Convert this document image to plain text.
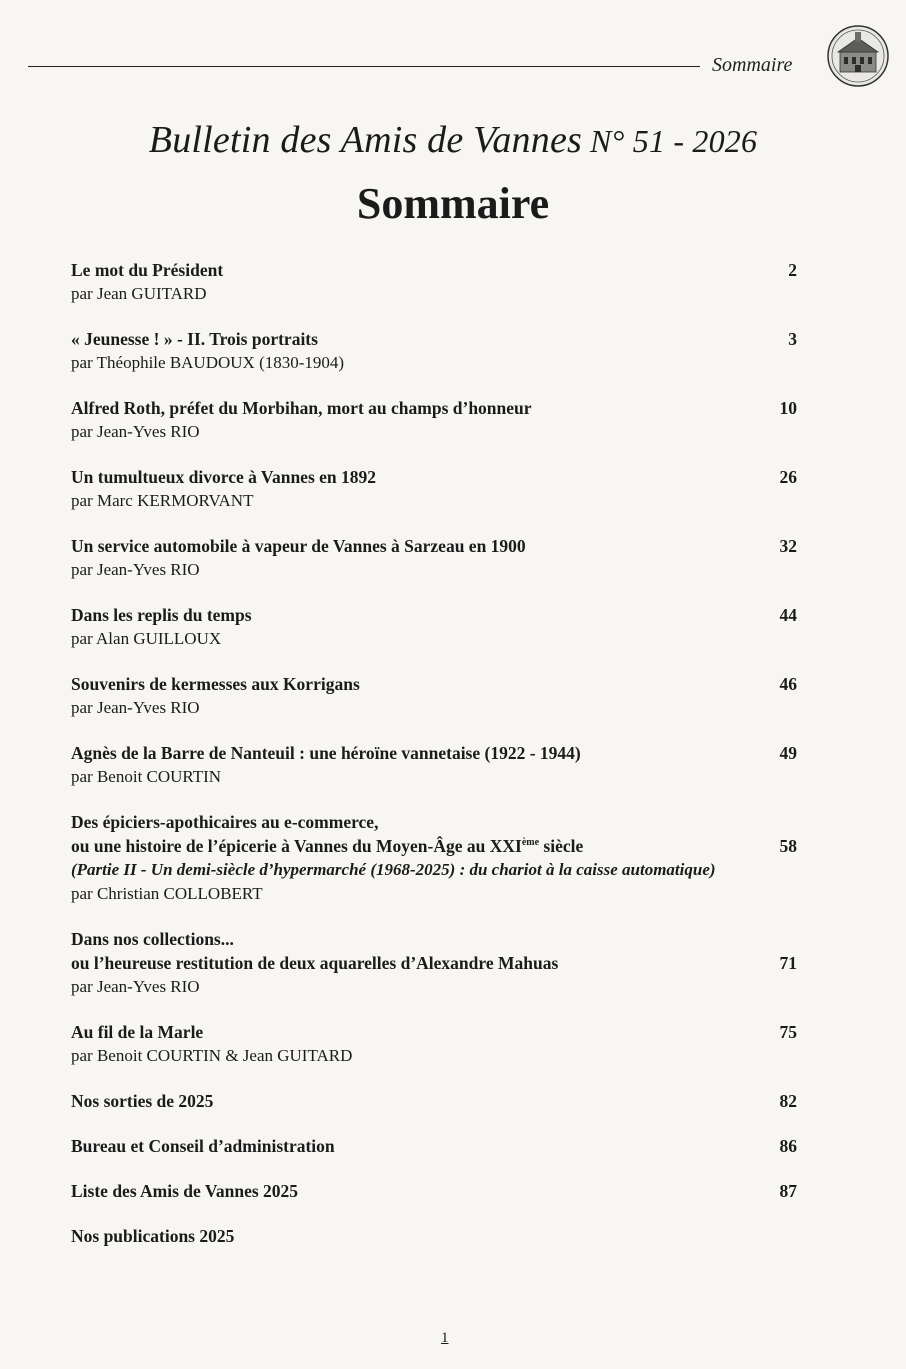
Sommaire
Bulletin des Amis de Vannes N° 51 - 2026
Sommaire
Le mot du Président	2
par Jean GUITARD
« Jeunesse ! » - II. Trois portraits	3
par Théophile BAUDOUX (1830-1904)
Alfred Roth, préfet du Morbihan, mort au champs d’honneur	10
par Jean-Yves RIO
Un tumultueux divorce à Vannes en 1892	26
par Marc KERMORVANT
Un service automobile à vapeur de Vannes à Sarzeau en 1900	32
par Jean-Yves RIO
Dans les replis du temps	44
par Alan GUILLOUX
Souvenirs de kermesses aux Korrigans	46
par Jean-Yves RIO
Agnès de la Barre de Nanteuil : une héroïne vannetaise (1922 - 1944)	49
par Benoit COURTIN
Des épiciers-apothicaires au e-commerce,
ou une histoire de l’épicerie à Vannes du Moyen-Âge au XXIème siècle	58
(Partie II - Un demi-siècle d’hypermarché (1968-2025) : du chariot à la caisse automatique)
par Christian COLLOBERT
Dans nos collections...
ou l’heureuse restitution de deux aquarelles d’Alexandre Mahuas	71
par Jean-Yves RIO
Au fil de la Marle	75
par Benoit COURTIN & Jean GUITARD
Nos sorties de 2025	82
Bureau et Conseil d’administration	86
Liste des Amis de Vannes 2025	87
Nos publications 2025
1
